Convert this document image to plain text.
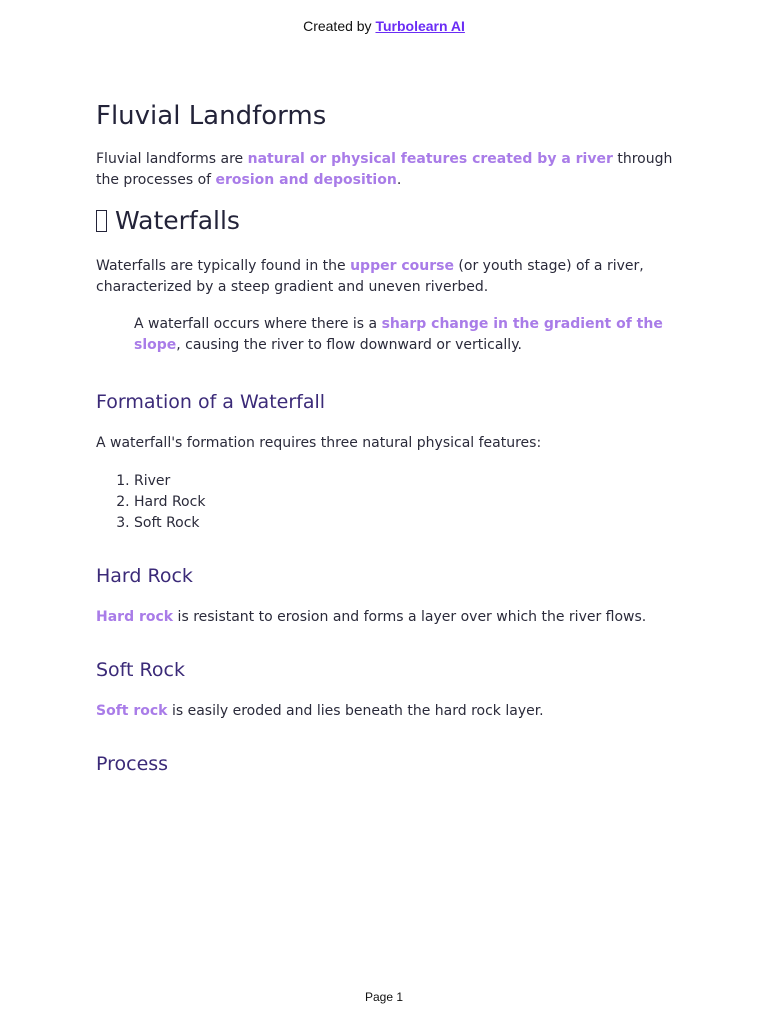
Created by Turbolearn AI
Fluvial Landforms

Fluvial landforms are natural or physical features created by a river through the processes of erosion and deposition.

Waterfalls

Waterfalls are typically found in the upper course (or youth stage) of a river, characterized by a steep gradient and uneven riverbed.

A waterfall occurs where there is a sharp change in the gradient of the slope, causing the river to flow downward or vertically.

Formation of a Waterfall

A waterfall's formation requires three natural physical features:

1. River
2. Hard Rock
3. Soft Rock
Hard Rock

Hard rock is resistant to erosion and forms a layer over which the river flows.

Soft Rock

Soft rock is easily eroded and lies beneath the hard rock layer.

Process
Page 1
